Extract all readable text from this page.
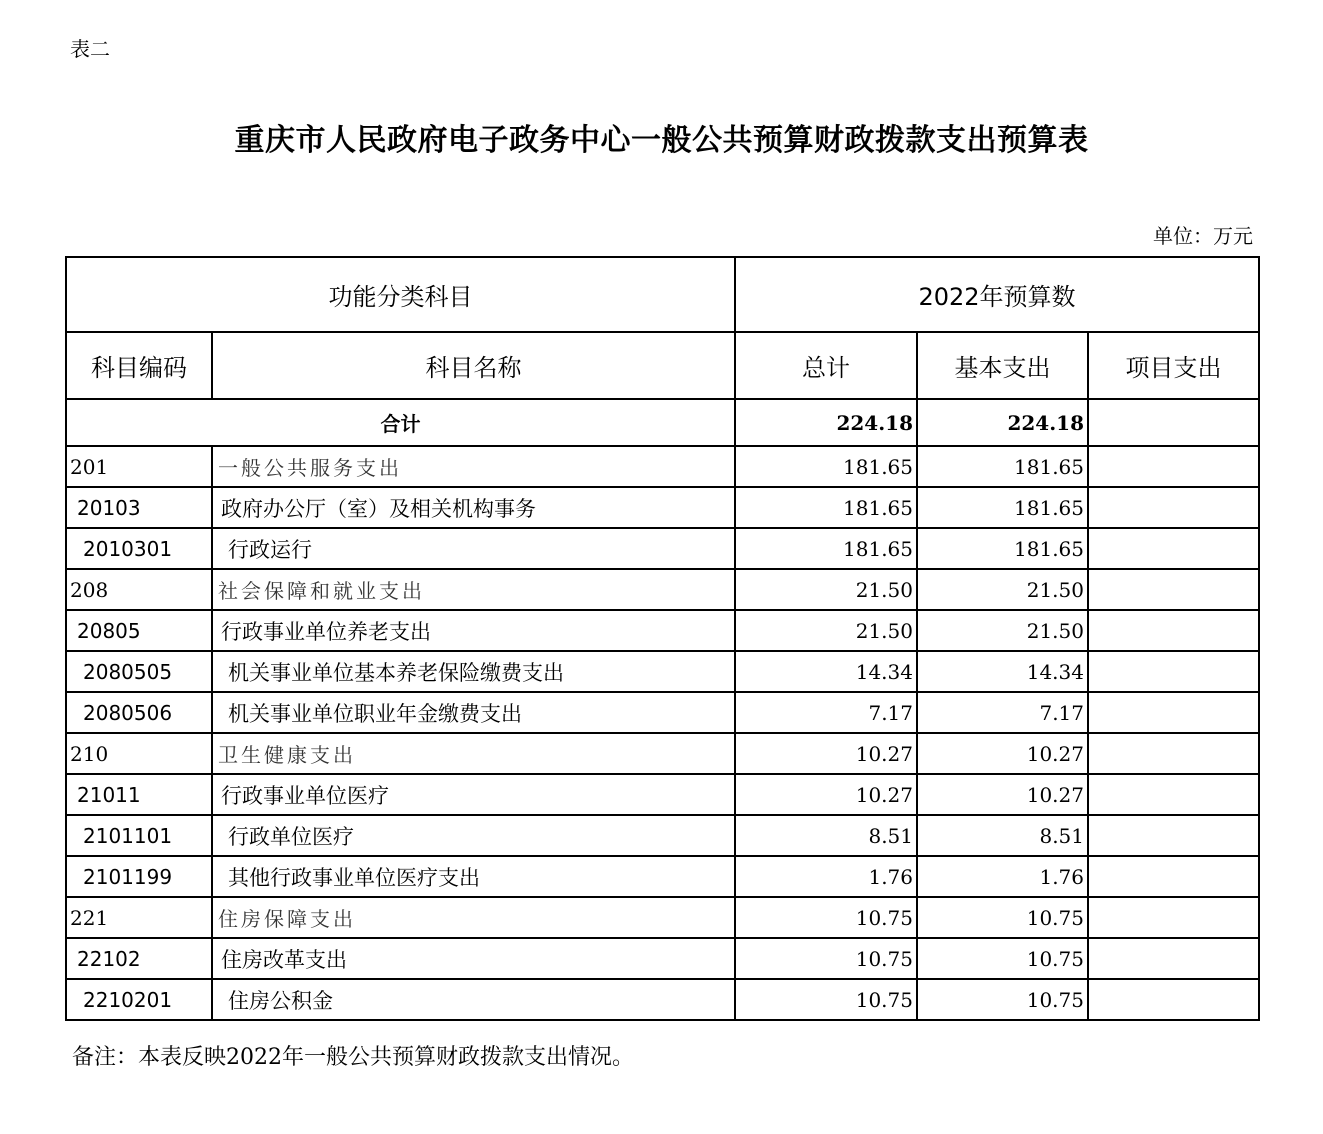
表二
重庆市人民政府电子政务中心一般公共预算财政拨款支出预算表
单位：万元
功能分类科目		2022年预算数		
科目编码	科目名称	总计	基本支出	项目支出
合计		224.18	224.18	
201	一般公共服务支出	181.65	181.65	
20103	政府办公厅（室）及相关机构事务	181.65	181.65	
2010301	行政运行	181.65	181.65	
208	社会保障和就业支出	21.50	21.50	
20805	行政事业单位养老支出	21.50	21.50	
2080505	机关事业单位基本养老保险缴费支出	14.34	14.34	
2080506	机关事业单位职业年金缴费支出	7.17	7.17	
210	卫生健康支出	10.27	10.27	
21011	行政事业单位医疗	10.27	10.27	
2101101	行政单位医疗	8.51	8.51	
2101199	其他行政事业单位医疗支出	1.76	1.76	
221	住房保障支出	10.75	10.75	
22102	住房改革支出	10.75	10.75	
2210201	住房公积金	10.75	10.75	
备注：本表反映2022年一般公共预算财政拨款支出情况。
